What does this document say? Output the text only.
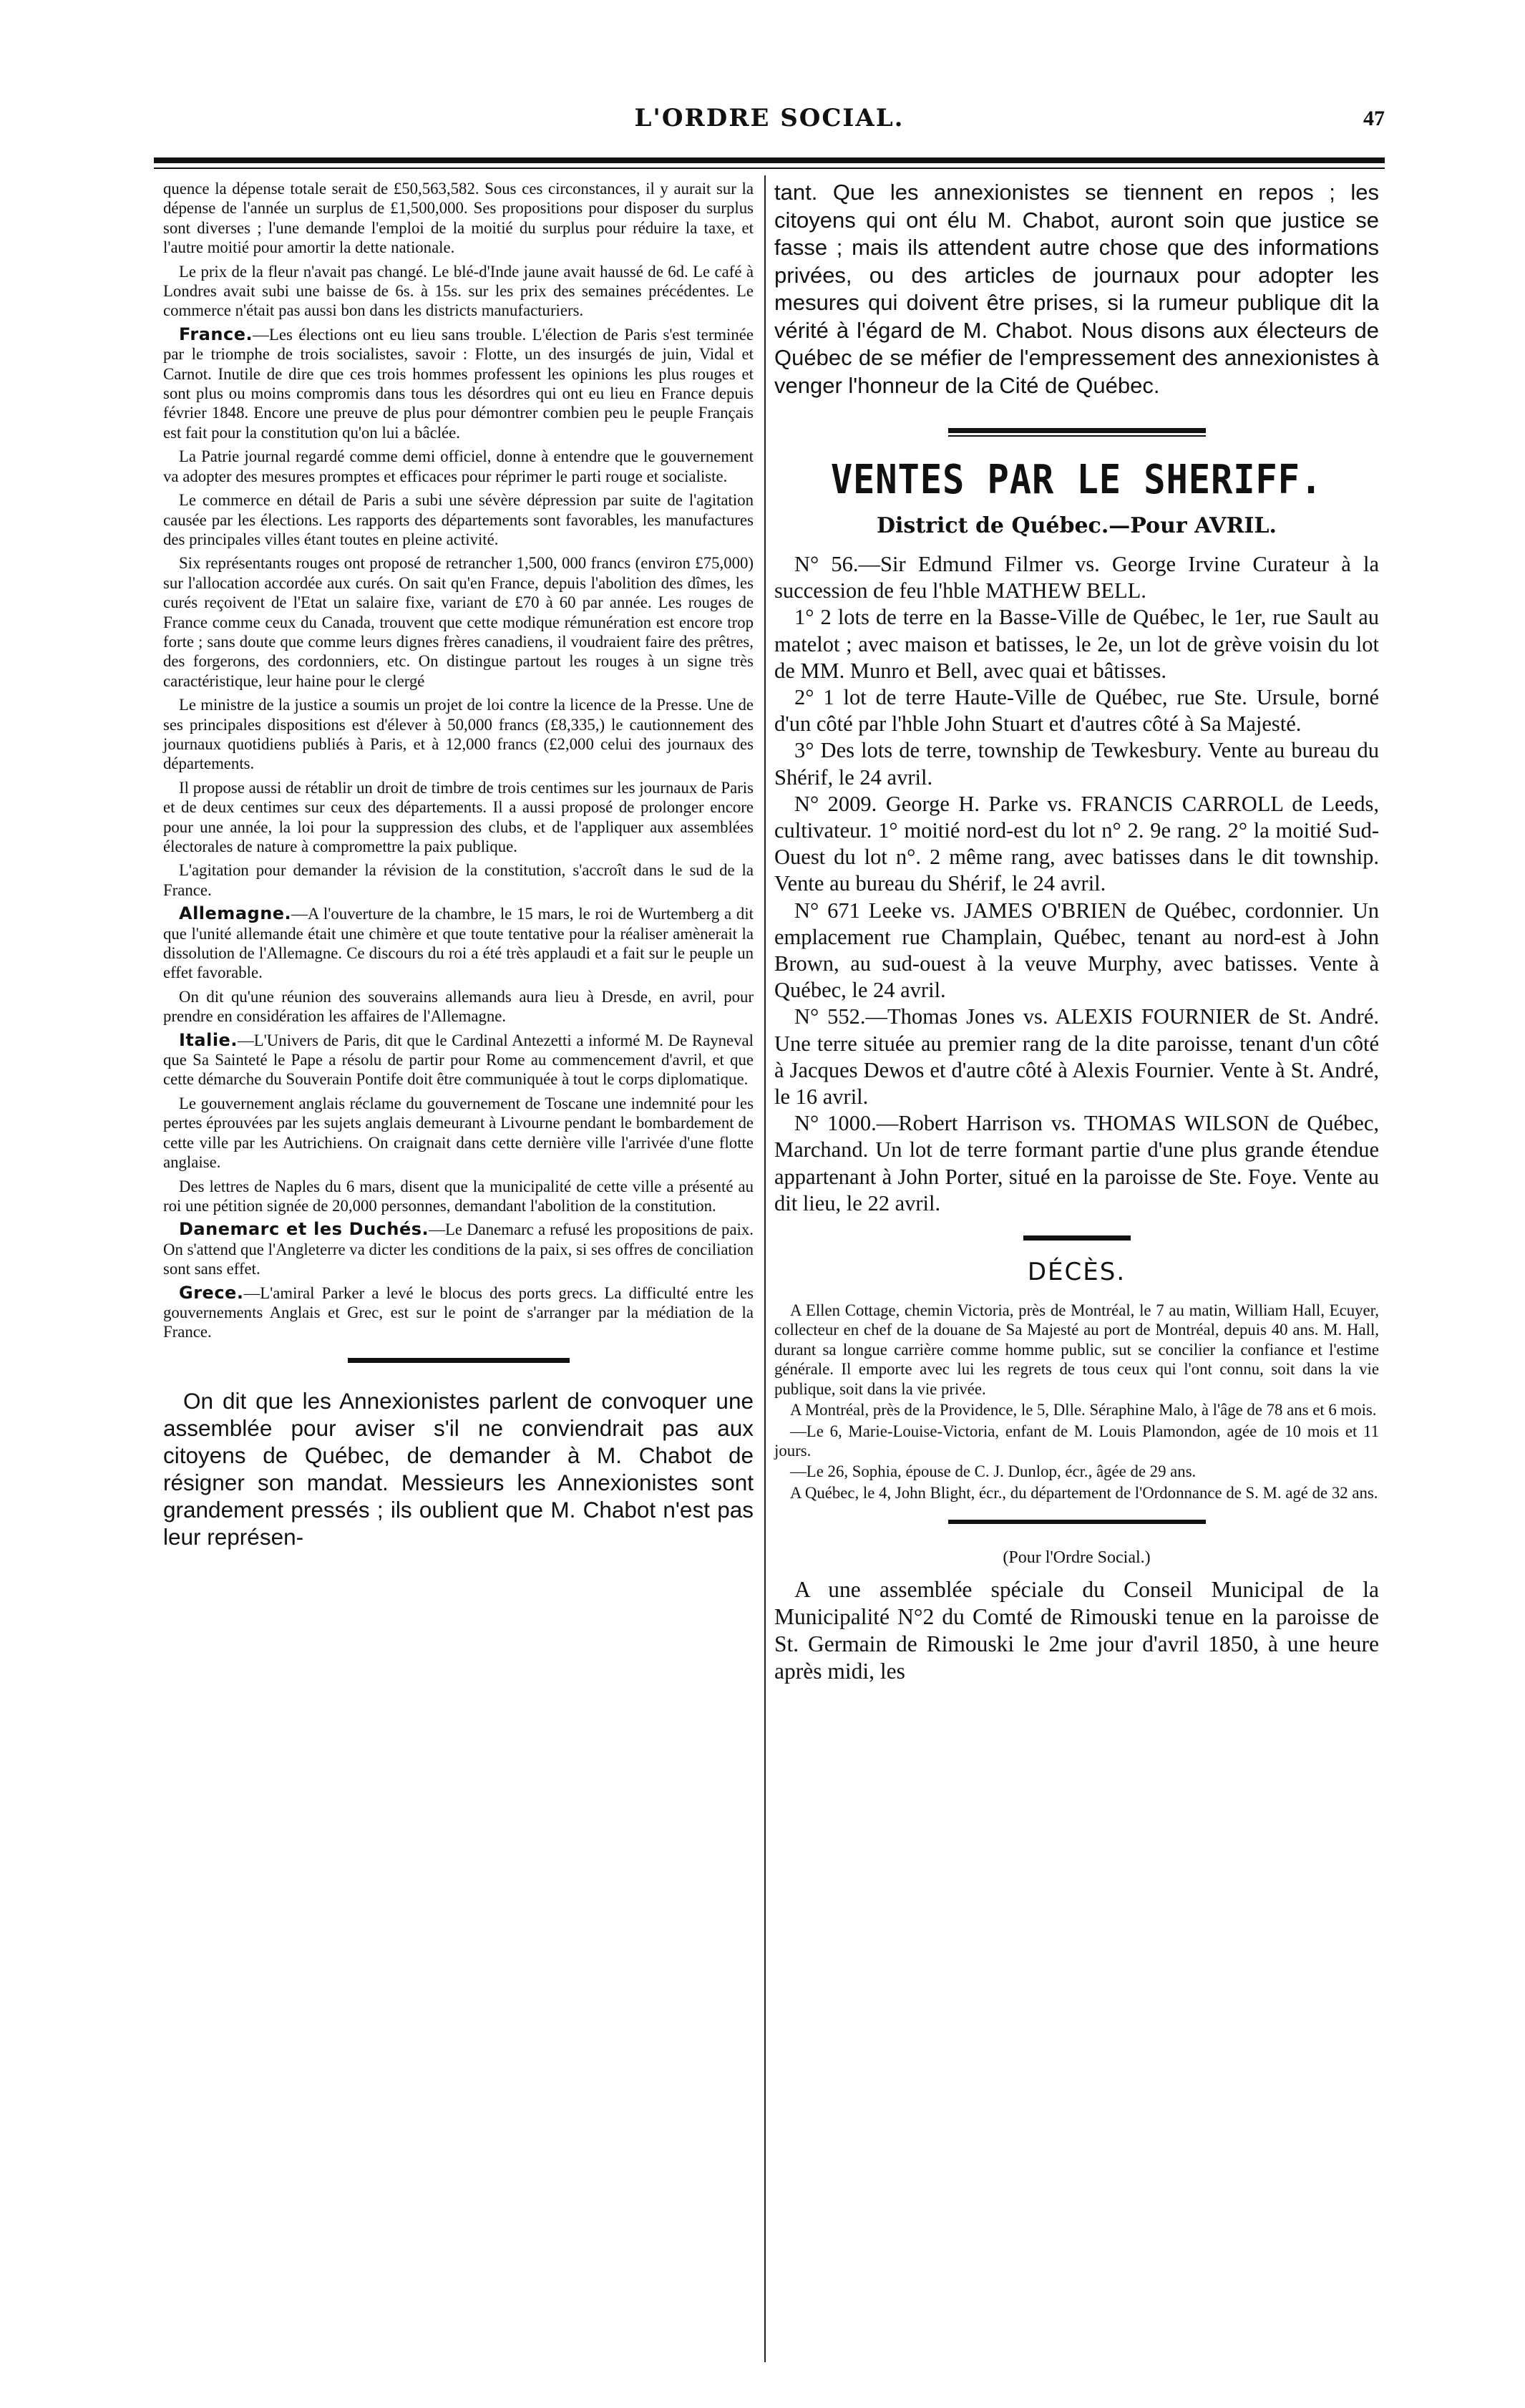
L'ORDRE SOCIAL.	47

quence la dépense totale serait de £50,563,582. Sous ces circonstances, il y aurait sur la dépense de l'année un surplus de £1,500,000. Ses propositions pour disposer du surplus sont diverses ; l'une demande l'emploi de la moitié du surplus pour réduire la taxe, et l'autre moitié pour amortir la dette nationale.

Le prix de la fleur n'avait pas changé. Le blé-d'Inde jaune avait haussé de 6d. Le café à Londres avait subi une baisse de 6s. à 15s. sur les prix des semaines précédentes. Le commerce n'était pas aussi bon dans les districts manufacturiers.

France.—Les élections ont eu lieu sans trouble. L'élection de Paris s'est terminée par le triomphe de trois socialistes, savoir : Flotte, un des insurgés de juin, Vidal et Carnot. Inutile de dire que ces trois hommes professent les opinions les plus rouges et sont plus ou moins compromis dans tous les désordres qui ont eu lieu en France depuis février 1848. Encore une preuve de plus pour démontrer combien peu le peuple Français est fait pour la constitution qu'on lui a bâclée.

La Patrie journal regardé comme demi officiel, donne à entendre que le gouvernement va adopter des mesures promptes et efficaces pour réprimer le parti rouge et socialiste.

Le commerce en détail de Paris a subi une sévère dépression par suite de l'agitation causée par les élections. Les rapports des départements sont favorables, les manufactures des principales villes étant toutes en pleine activité.

Six représentants rouges ont proposé de retrancher 1,500, 000 francs (environ £75,000) sur l'allocation accordée aux curés. On sait qu'en France, depuis l'abolition des dîmes, les curés reçoivent de l'Etat un salaire fixe, variant de £70 à 60 par année. Les rouges de France comme ceux du Canada, trouvent que cette modique rémunération est encore trop forte ; sans doute que comme leurs dignes frères canadiens, il voudraient faire des prêtres, des forgerons, des cordonniers, etc. On distingue partout les rouges à un signe très caractéristique, leur haine pour le clergé

Le ministre de la justice a soumis un projet de loi contre la licence de la Presse. Une de ses principales dispositions est d'élever à 50,000 francs (£8,335,) le cautionnement des journaux quotidiens publiés à Paris, et à 12,000 francs (£2,000 celui des journaux des départements.

Il propose aussi de rétablir un droit de timbre de trois centimes sur les journaux de Paris et de deux centimes sur ceux des départements. Il a aussi proposé de prolonger encore pour une année, la loi pour la suppression des clubs, et de l'appliquer aux assemblées électorales de nature à compromettre la paix publique.

L'agitation pour demander la révision de la constitution, s'accroît dans le sud de la France.

Allemagne.—A l'ouverture de la chambre, le 15 mars, le roi de Wurtemberg a dit que l'unité allemande était une chimère et que toute tentative pour la réaliser amènerait la dissolution de l'Allemagne. Ce discours du roi a été très applaudi et a fait sur le peuple un effet favorable.

On dit qu'une réunion des souverains allemands aura lieu à Dresde, en avril, pour prendre en considération les affaires de l'Allemagne.

Italie.—L'Univers de Paris, dit que le Cardinal Antezetti a informé M. De Rayneval que Sa Sainteté le Pape a résolu de partir pour Rome au commencement d'avril, et que cette démarche du Souverain Pontife doit être communiquée à tout le corps diplomatique.

Le gouvernement anglais réclame du gouvernement de Toscane une indemnité pour les pertes éprouvées par les sujets anglais demeurant à Livourne pendant le bombardement de cette ville par les Autrichiens. On craignait dans cette dernière ville l'arrivée d'une flotte anglaise.

Des lettres de Naples du 6 mars, disent que la municipalité de cette ville a présenté au roi une pétition signée de 20,000 personnes, demandant l'abolition de la constitution.

Danemarc et les Duchés.—Le Danemarc a refusé les propositions de paix. On s'attend que l'Angleterre va dicter les conditions de la paix, si ses offres de conciliation sont sans effet.

Grece.—L'amiral Parker a levé le blocus des ports grecs. La difficulté entre les gouvernements Anglais et Grec, est sur le point de s'arranger par la médiation de la France.

On dit que les Annexionistes parlent de convoquer une assemblée pour aviser s'il ne conviendrait pas aux citoyens de Québec, de demander à M. Chabot de résigner son mandat. Messieurs les Annexionistes sont grandement pressés ; ils oublient que M. Chabot n'est pas leur représen-
tant. Que les annexionistes se tiennent en repos ; les citoyens qui ont élu M. Chabot, auront soin que justice se fasse ; mais ils attendent autre chose que des informations privées, ou des articles de journaux pour adopter les mesures qui doivent être prises, si la rumeur publique dit la vérité à l'égard de M. Chabot. Nous disons aux électeurs de Québec de se méfier de l'empressement des annexionistes à venger l'honneur de la Cité de Québec.
VENTES PAR LE SHERIFF.
District de Québec.—Pour AVRIL.

N° 56.—Sir Edmund Filmer vs. George Irvine Curateur à la succession de feu l'hble MATHEW BELL.

1° 2 lots de terre en la Basse-Ville de Québec, le 1er, rue Sault au matelot ; avec maison et batisses, le 2e, un lot de grève voisin du lot de MM. Munro et Bell, avec quai et bâtisses.

2° 1 lot de terre Haute-Ville de Québec, rue Ste. Ursule, borné d'un côté par l'hble John Stuart et d'autres côté à Sa Majesté.

3° Des lots de terre, township de Tewkesbury. Vente au bureau du Shérif, le 24 avril.

N° 2009. George H. Parke vs. FRANCIS CARROLL de Leeds, cultivateur. 1° moitié nord-est du lot n° 2. 9e rang. 2° la moitié Sud-Ouest du lot n°. 2 même rang, avec batisses dans le dit township. Vente au bureau du Shérif, le 24 avril.

N° 671 Leeke vs. JAMES O'BRIEN de Québec, cordonnier. Un emplacement rue Champlain, Québec, tenant au nord-est à John Brown, au sud-ouest à la veuve Murphy, avec batisses. Vente à Québec, le 24 avril.

N° 552.—Thomas Jones vs. ALEXIS FOURNIER de St. André. Une terre située au premier rang de la dite paroisse, tenant d'un côté à Jacques Dewos et d'autre côté à Alexis Fournier. Vente à St. André, le 16 avril.

N° 1000.—Robert Harrison vs. THOMAS WILSON de Québec, Marchand. Un lot de terre formant partie d'une plus grande étendue appartenant à John Porter, situé en la paroisse de Ste. Foye. Vente au dit lieu, le 22 avril.

DÉCÈS.

A Ellen Cottage, chemin Victoria, près de Montréal, le 7 au matin, William Hall, Ecuyer, collecteur en chef de la douane de Sa Majesté au port de Montréal, depuis 40 ans. M. Hall, durant sa longue carrière comme homme public, sut se concilier la confiance et l'estime générale. Il emporte avec lui les regrets de tous ceux qui l'ont connu, soit dans la vie publique, soit dans la vie privée.

A Montréal, près de la Providence, le 5, Dlle. Séraphine Malo, à l'âge de 78 ans et 6 mois.

—Le 6, Marie-Louise-Victoria, enfant de M. Louis Plamondon, agée de 10 mois et 11 jours.

—Le 26, Sophia, épouse de C. J. Dunlop, écr., âgée de 29 ans.

A Québec, le 4, John Blight, écr., du département de l'Ordonnance de S. M. agé de 32 ans.

(Pour l'Ordre Social.)
A une assemblée spéciale du Conseil Municipal de la Municipalité N°2 du Comté de Rimouski tenue en la paroisse de St. Germain de Rimouski le 2me jour d'avril 1850, à une heure après midi, les
